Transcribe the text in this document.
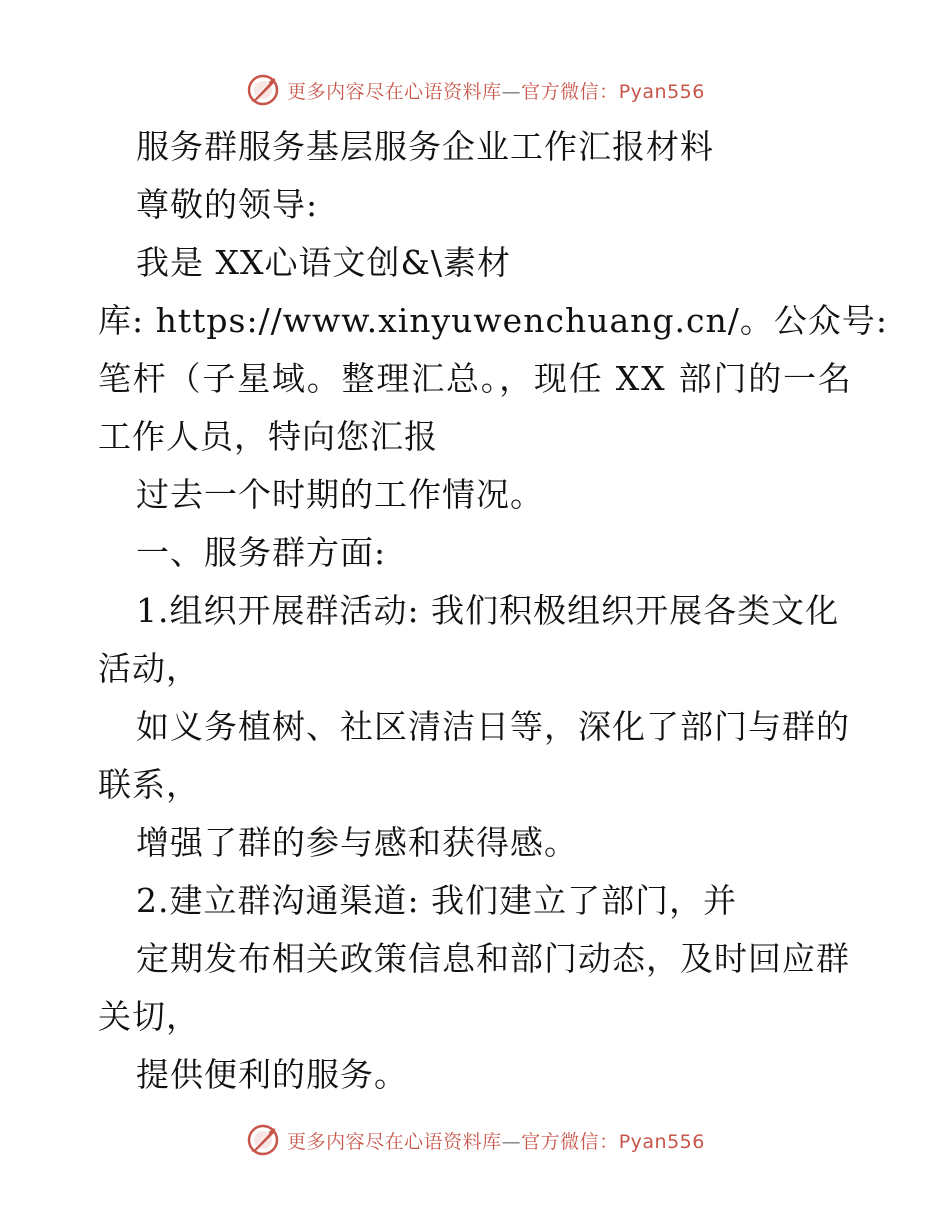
更多内容尽在心语资料库—官方微信：Pyan556
服务群服务基层服务企业工作汇报材料
尊敬的领导:
我是 XX心语文创&\素材
库: https://www.xinyuwenchuang.cn/。公众号:
笔杆（子星域。整理汇总。，现任 XX 部门的一名
工作人员，特向您汇报
过去一个时期的工作情况。
一、服务群方面:
1.组织开展群活动: 我们积极组织开展各类文化
活动，
如义务植树、社区清洁日等，深化了部门与群的
联系，
增强了群的参与感和获得感。
2.建立群沟通渠道: 我们建立了部门，并
定期发布相关政策信息和部门动态，及时回应群
关切，
提供便利的服务。
更多内容尽在心语资料库—官方微信：Pyan556
